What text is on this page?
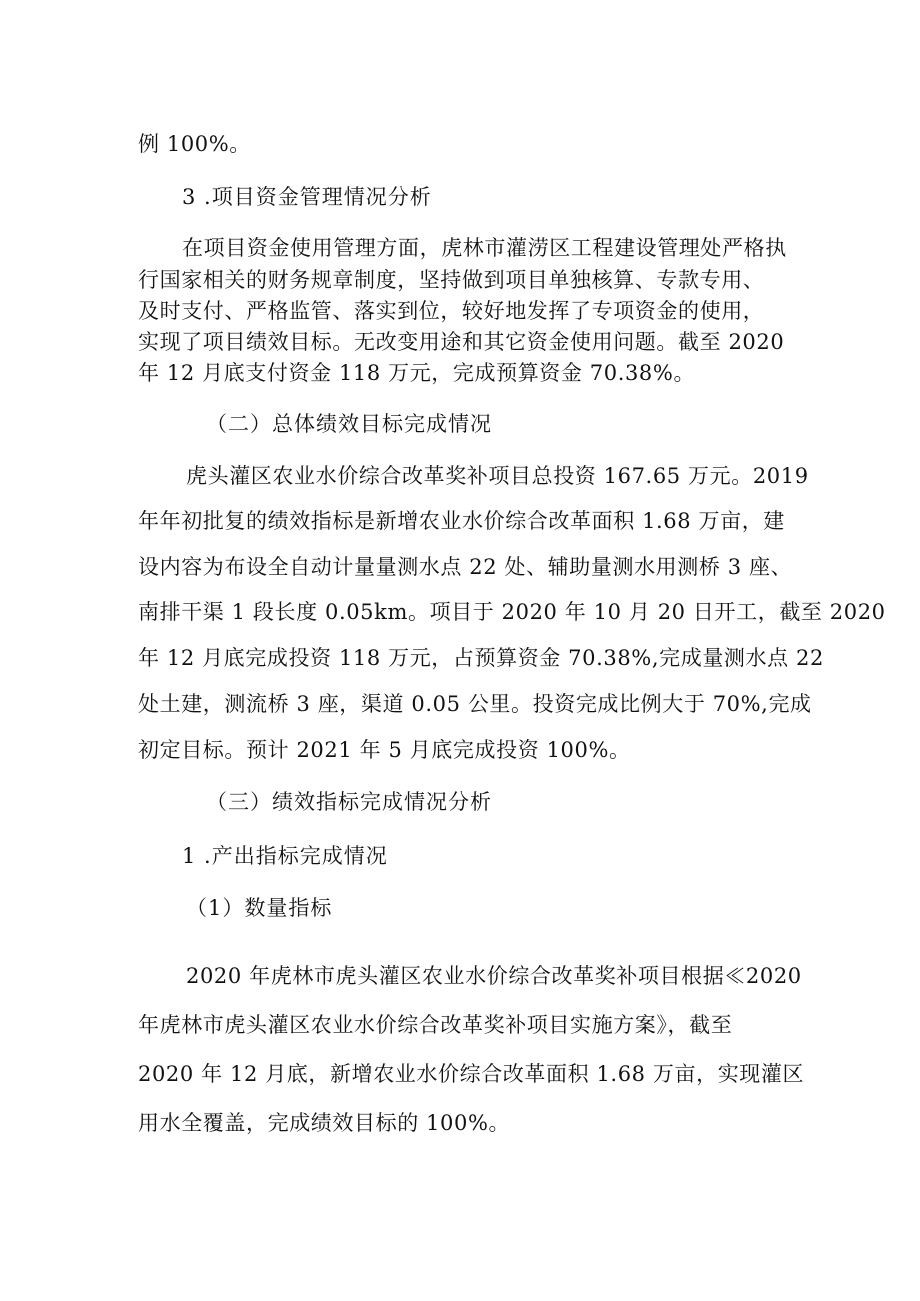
例 100%。
3 .项目资金管理情况分析
在项目资金使用管理方面，虎林市灌涝区工程建设管理处严格执
行国家相关的财务规章制度，坚持做到项目单独核算、专款专用、
及时支付、严格监管、落实到位，较好地发挥了专项资金的使用，
实现了项目绩效目标。无改变用途和其它资金使用问题。截至 2020
年 12 月底支付资金 118 万元，完成预算资金 70.38%。
（二）总体绩效目标完成情况
虎头灌区农业水价综合改革奖补项目总投资 167.65 万元。2019
年年初批复的绩效指标是新增农业水价综合改革面积 1.68 万亩，建
设内容为布设全自动计量量测水点 22 处、辅助量测水用测桥 3 座、
南排干渠 1 段长度 0.05km。项目于 2020 年 10 月 20 日开工，截至 2020
年 12 月底完成投资 118 万元，占预算资金 70.38%,完成量测水点 22
处土建，测流桥 3 座，渠道 0.05 公里。投资完成比例大于 70%,完成
初定目标。预计 2021 年 5 月底完成投资 100%。
（三）绩效指标完成情况分析
1 .产出指标完成情况
（1）数量指标
2020 年虎林市虎头灌区农业水价综合改革奖补项目根据≪2020
年虎林市虎头灌区农业水价综合改革奖补项目实施方案》，截至
2020 年 12 月底，新增农业水价综合改革面积 1.68 万亩，实现灌区
用水全覆盖，完成绩效目标的 100%。
